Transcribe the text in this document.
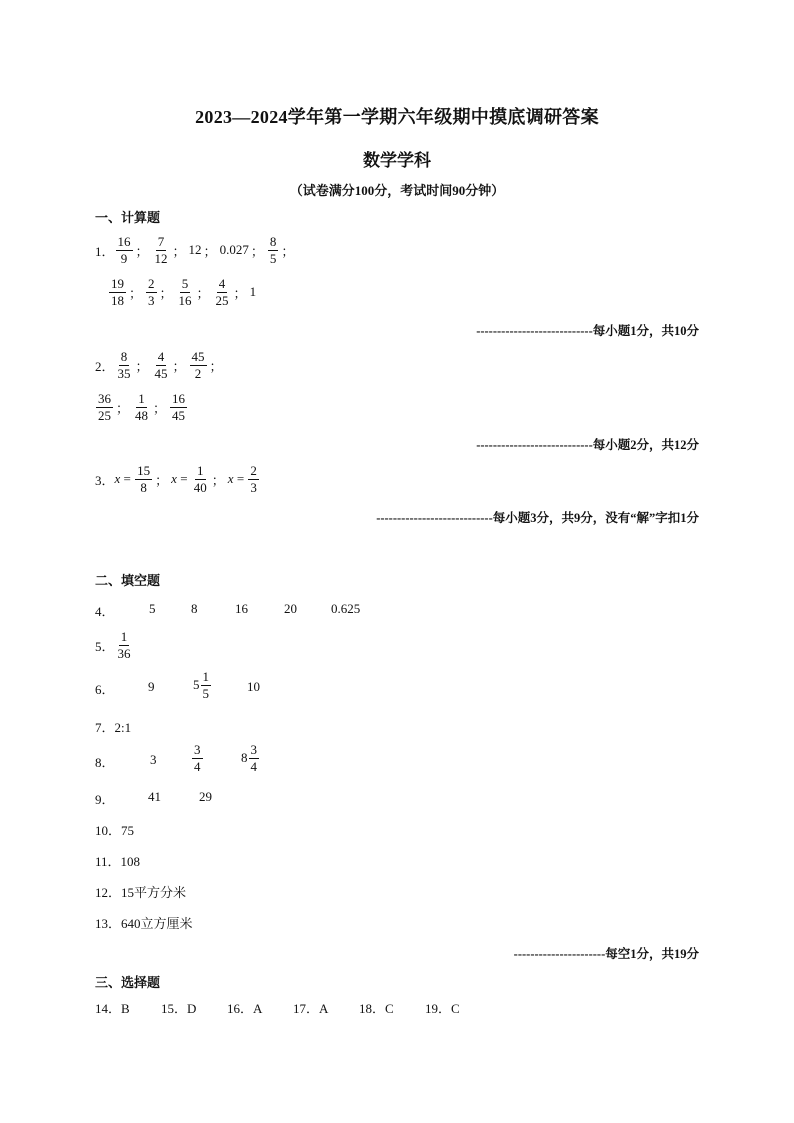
2023—2024学年第一学期六年级期中摸底调研答案
数学学科
（试卷满分100分，考试时间90分钟）
一、计算题
1． $\frac{16}{9}$ ； $\frac{7}{12}$ ； 12 ； 0.027 ； $\frac{8}{5}$ ；
$\frac{19}{18}$ ； $\frac{2}{3}$ ； $\frac{5}{16}$ ； $\frac{4}{25}$ ； 1
----------------------------每小题1分，共10分
2． $\frac{8}{35}$ ； $\frac{4}{45}$ ； $\frac{45}{2}$ ；
$\frac{36}{25}$ ； $\frac{1}{48}$ ； $\frac{16}{45}$
----------------------------每小题2分，共12分
3． $x = \frac{15}{8}$ ； $x = \frac{1}{40}$ ； $x = \frac{2}{3}$
----------------------------每小题3分，共9分，没有“解”字扣1分
二、填空题
4．	5	8	16	20	0.625
5． $\frac{1}{36}$
6．	9	$5 \frac{1}{5}$	10
7．2:1
8．	3	$\frac{3}{4}$	$8 \frac{3}{4}$
9．	41	29
10．75
11．108
12．15平方分米
13．640立方厘米
----------------------每空1分，共19分
三、选择题
14．B 15．D 16．A 17．A 18．C 19．C
